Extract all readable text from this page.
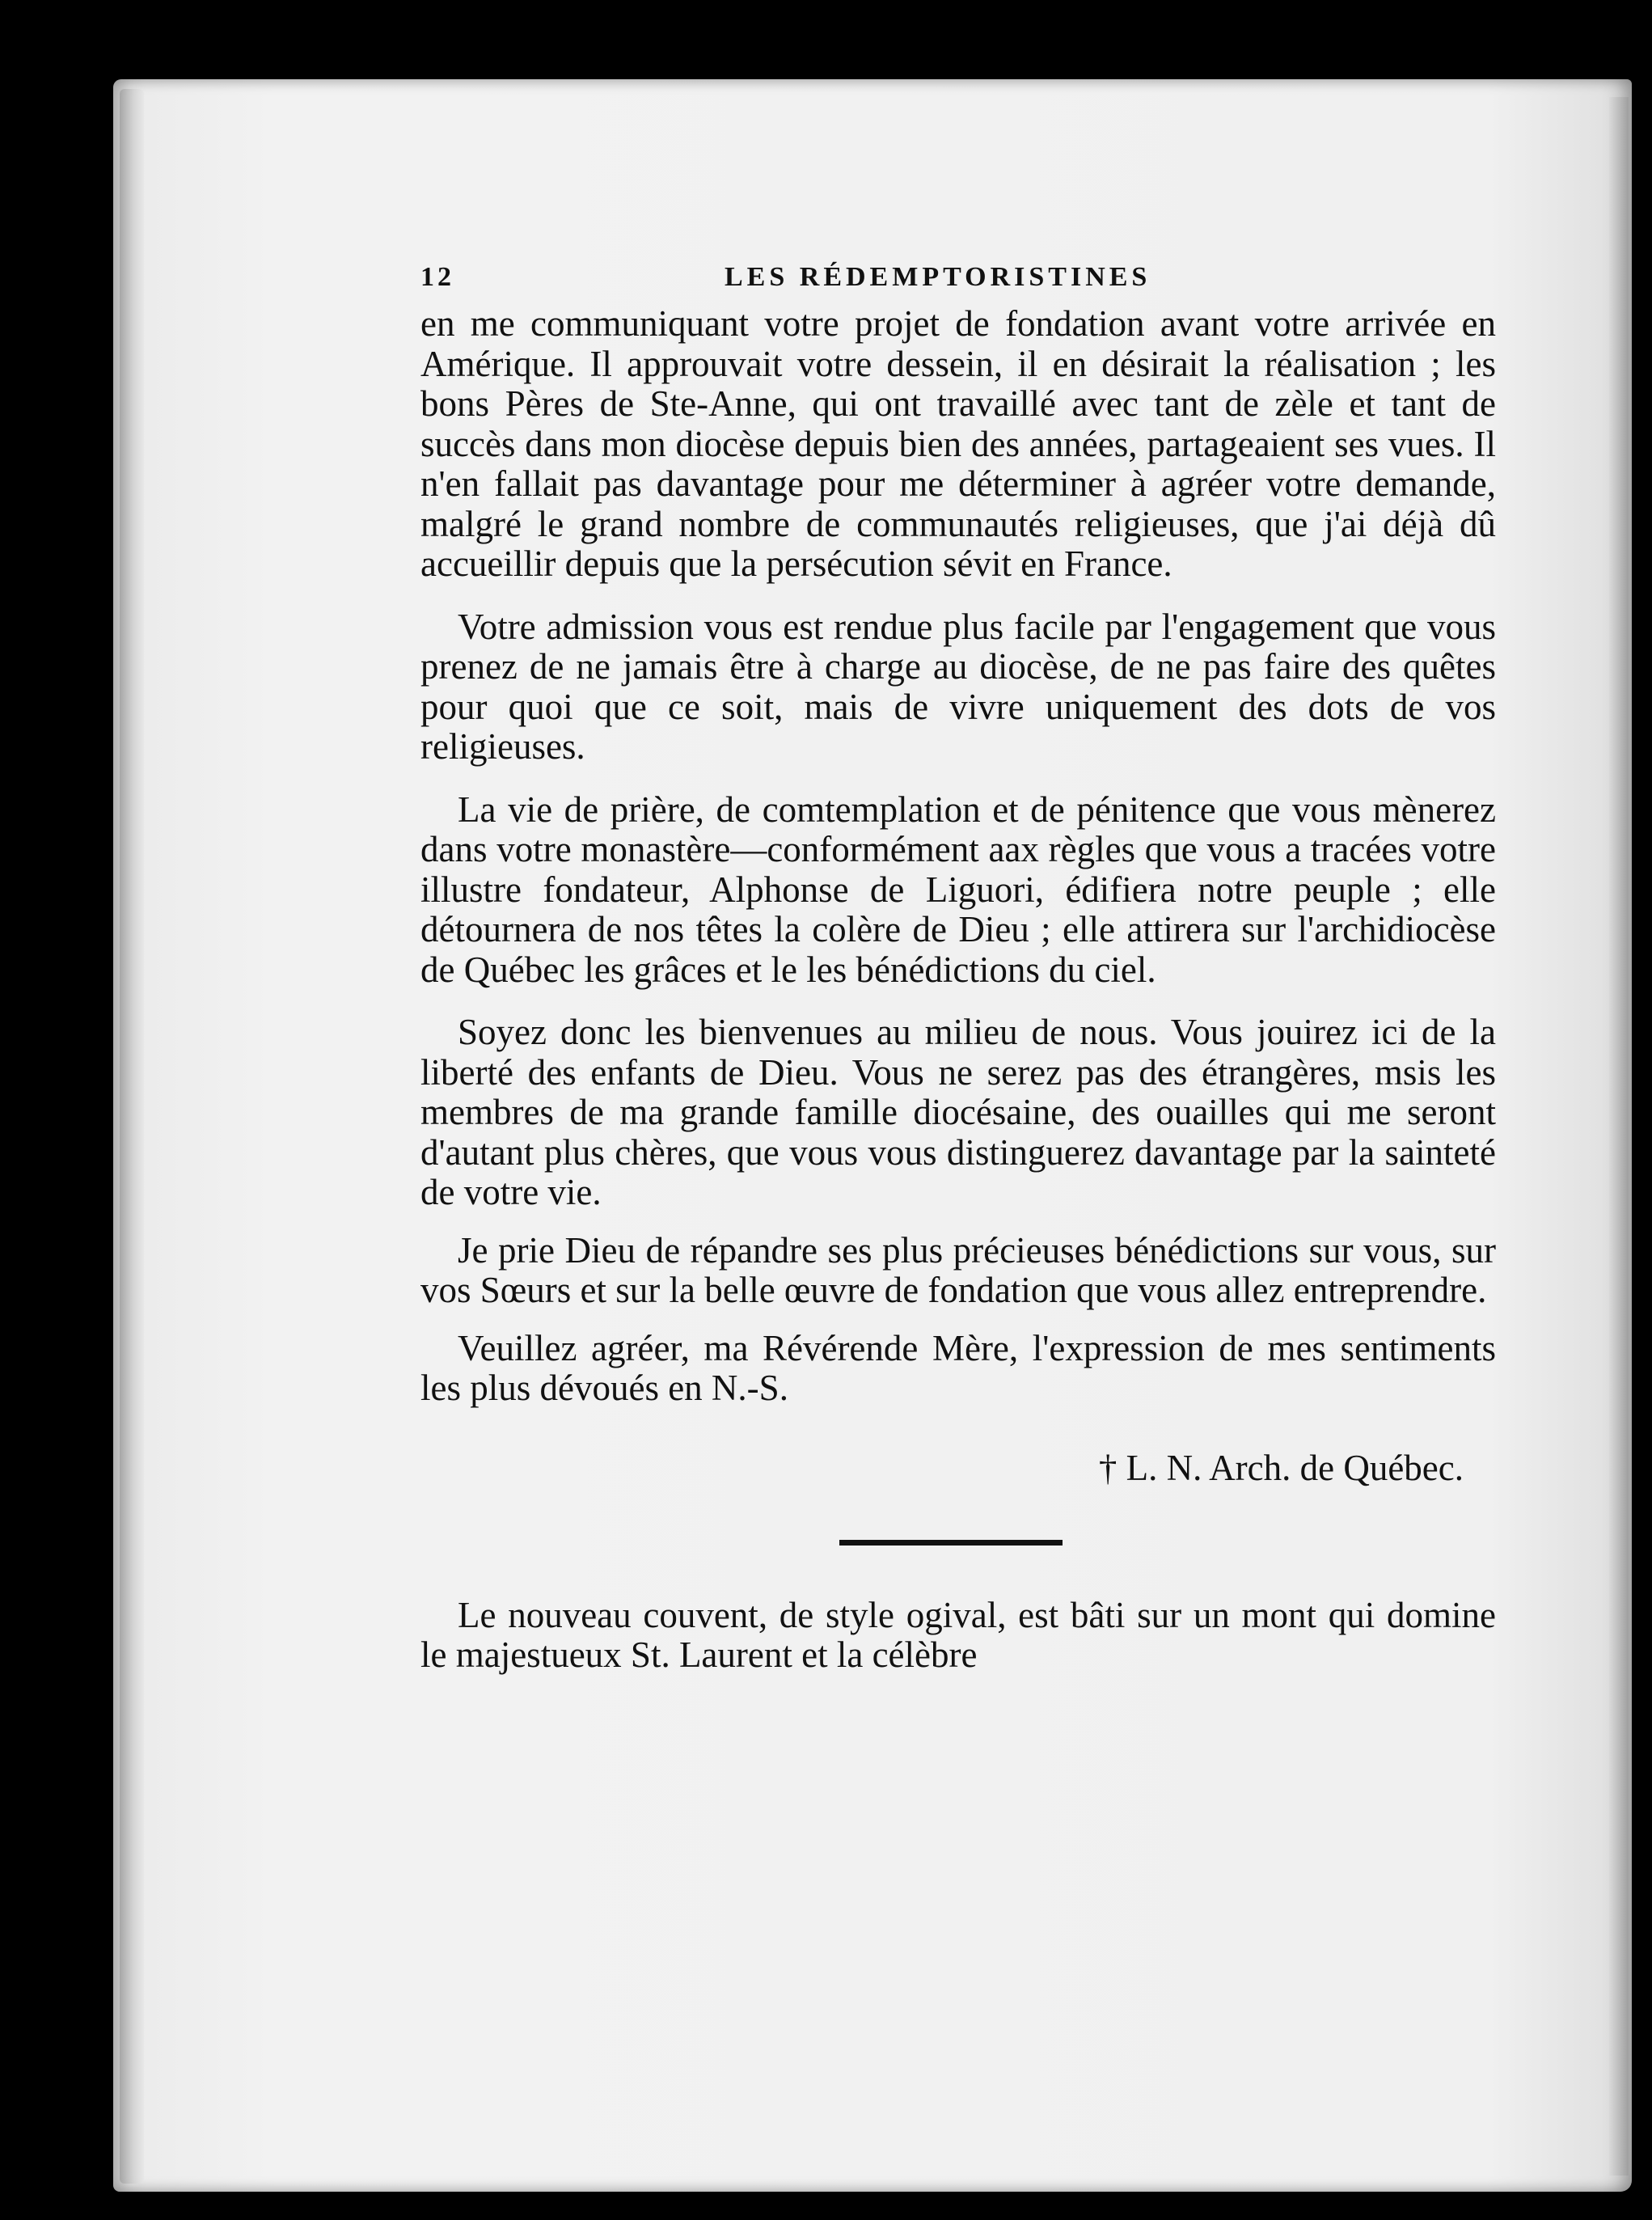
12	LES RÉDEMPTORISTINES

en me communiquant votre projet de fondation avant votre arrivée en Amérique. Il approuvait votre dessein, il en désirait la réalisation ; les bons Pères de Ste-Anne, qui ont travaillé avec tant de zèle et tant de succès dans mon diocèse depuis bien des années, partageaient ses vues. Il n'en fallait pas davantage pour me déterminer à agréer votre demande, malgré le grand nombre de communautés religieuses, que j'ai déjà dû accueillir depuis que la persécution sévit en France.

Votre admission vous est rendue plus facile par l'engagement que vous prenez de ne jamais être à charge au diocèse, de ne pas faire des quêtes pour quoi que ce soit, mais de vivre uniquement des dots de vos religieuses.

La vie de prière, de comtemplation et de pénitence que vous mènerez dans votre monastère—conformément aax règles que vous a tracées votre illustre fondateur, Alphonse de Liguori, édifiera notre peuple ; elle détournera de nos têtes la colère de Dieu ; elle attirera sur l'archidiocèse de Québec les grâces et le les bénédictions du ciel.

Soyez donc les bienvenues au milieu de nous. Vous jouirez ici de la liberté des enfants de Dieu. Vous ne serez pas des étrangères, msis les membres de ma grande famille diocésaine, des ouailles qui me seront d'autant plus chères, que vous vous distinguerez davantage par la sainteté de votre vie.

Je prie Dieu de répandre ses plus précieuses bénédictions sur vous, sur vos Sœurs et sur la belle œuvre de fondation que vous allez entreprendre.

Veuillez agréer, ma Révérende Mère, l'expression de mes sentiments les plus dévoués en N.-S.

† L. N. Arch. de Québec.

Le nouveau couvent, de style ogival, est bâti sur un mont qui domine le majestueux St. Laurent et la célèbre
